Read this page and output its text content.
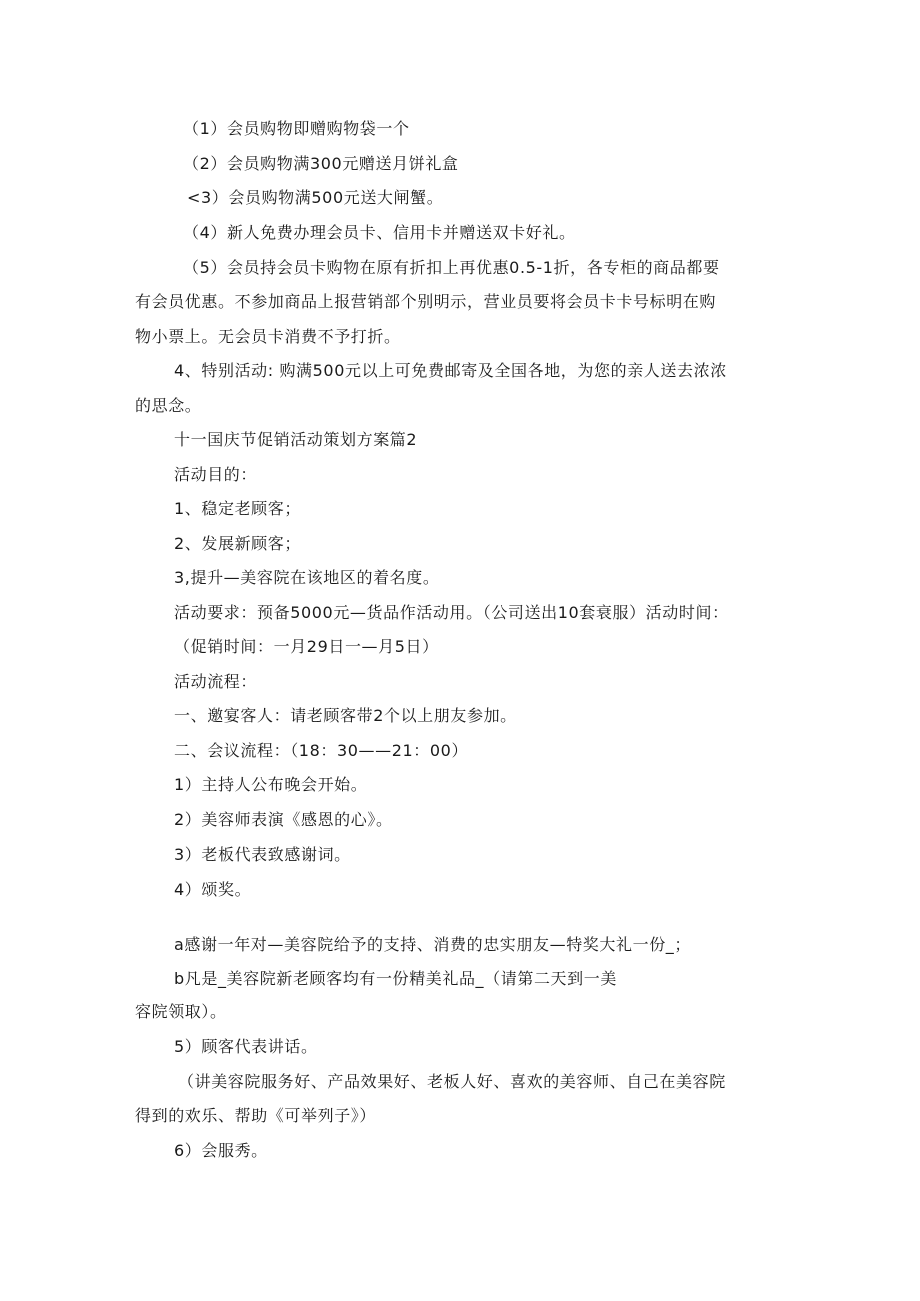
（1）会员购物即赠购物袋一个
（2）会员购物满300元赠送月饼礼盒
<3）会员购物满500元送大闸蟹。
（4）新人免费办理会员卡、信用卡并赠送双卡好礼。
（5）会员持会员卡购物在原有折扣上再优惠0.5-1折，各专柜的商品都要
有会员优惠。不参加商品上报营销部个别明示，营业员要将会员卡卡号标明在购
物小票上。无会员卡消费不予打折。
4、特别活动: 购满500元以上可免费邮寄及全国各地，为您的亲人送去浓浓
的思念。
十一国庆节促销活动策划方案篇2
活动目的：
1、稳定老顾客；
2、发展新顾客；
3,提升—美容院在该地区的着名度。
活动要求：预备5000元—货品作活动用。（公司送出10套衰服）活动时间：
（促销时间：一月29日一—月5日）
活动流程：
一、邀宴客人：请老顾客带2个以上朋友参加。
二、会议流程：（18：30——21：00）
1）主持人公布晚会开始。
2）美容师表演《感恩的心》。
3）老板代表致感谢词。
4）颂奖。
a感谢一年对—美容院给予的支持、消费的忠实朋友—特奖大礼一份_；
b凡是_美容院新老顾客均有一份精美礼品_（请第二天到一美
容院领取）。
5）顾客代表讲话。
（讲美容院服务好、产品效果好、老板人好、喜欢的美容师、自己在美容院
得到的欢乐、帮助《可举列子》）
6）会服秀。
